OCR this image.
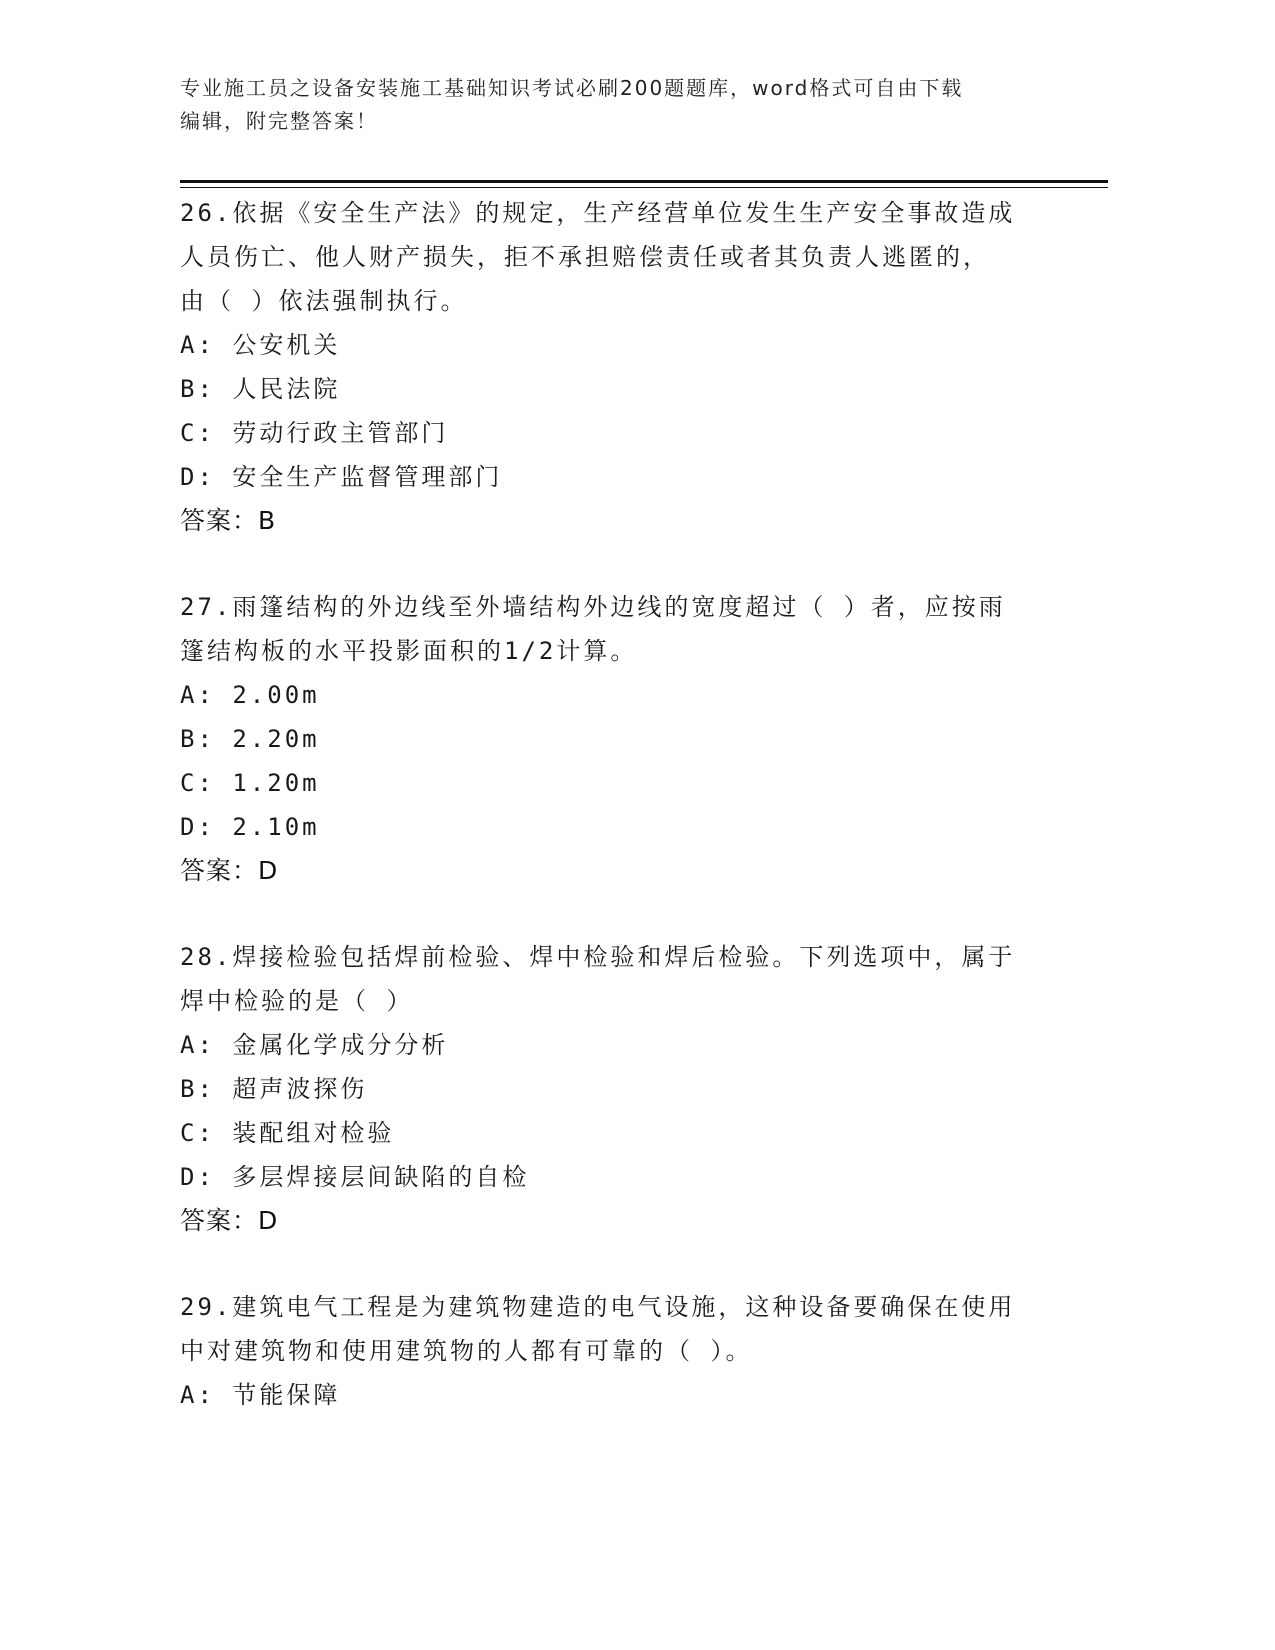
专业施工员之设备安装施工基础知识考试必刷200题题库，word格式可自由下载
编辑，附完整答案！
26.依据《安全生产法》的规定，生产经营单位发生生产安全事故造成
人员伤亡、他人财产损失，拒不承担赔偿责任或者其负责人逃匿的，
由（ ）依法强制执行。
A: 公安机关
B: 人民法院
C: 劳动行政主管部门
D: 安全生产监督管理部门
答案：B
27.雨篷结构的外边线至外墙结构外边线的宽度超过（ ）者，应按雨
篷结构板的水平投影面积的1/2计算。
A: 2.00m
B: 2.20m
C: 1.20m
D: 2.10m
答案：D
28.焊接检验包括焊前检验、焊中检验和焊后检验。下列选项中，属于
焊中检验的是（ ）
A: 金属化学成分分析
B: 超声波探伤
C: 装配组对检验
D: 多层焊接层间缺陷的自检
答案：D
29.建筑电气工程是为建筑物建造的电气设施，这种设备要确保在使用
中对建筑物和使用建筑物的人都有可靠的（ ）。
A: 节能保障
